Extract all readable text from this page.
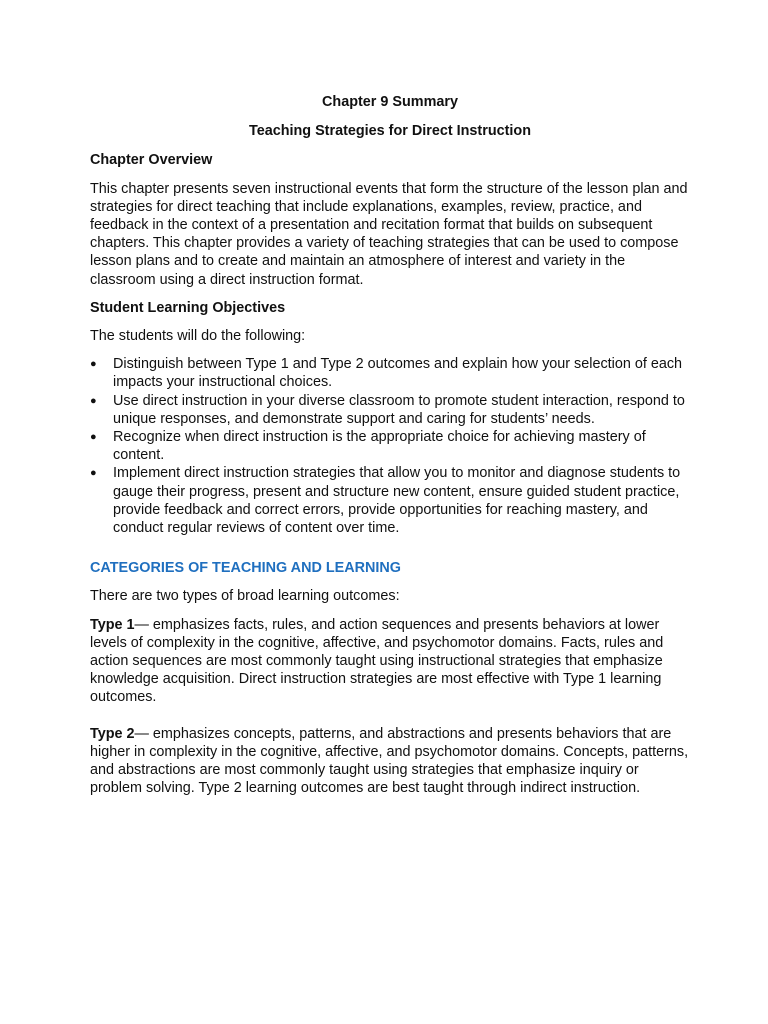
Chapter 9 Summary

Teaching Strategies for Direct Instruction

Chapter Overview

This chapter presents seven instructional events that form the structure of the lesson plan and strategies for direct teaching that include explanations, examples, review, practice, and feedback in the context of a presentation and recitation format that builds on subsequent chapters. This chapter provides a variety of teaching strategies that can be used to compose lesson plans and to create and maintain an atmosphere of interest and variety in the classroom using a direct instruction format.

Student Learning Objectives

The students will do the following:

● Distinguish between Type 1 and Type 2 outcomes and explain how your selection of each impacts your instructional choices.
● Use direct instruction in your diverse classroom to promote student interaction, respond to unique responses, and demonstrate support and caring for students’ needs.
● Recognize when direct instruction is the appropriate choice for achieving mastery of content.
● Implement direct instruction strategies that allow you to monitor and diagnose students to gauge their progress, present and structure new content, ensure guided student practice, provide feedback and correct errors, provide opportunities for reaching mastery, and conduct regular reviews of content over time.

CATEGORIES OF TEACHING AND LEARNING

There are two types of broad learning outcomes:

Type 1— emphasizes facts, rules, and action sequences and presents behaviors at lower levels of complexity in the cognitive, affective, and psychomotor domains. Facts, rules and action sequences are most commonly taught using instructional strategies that emphasize knowledge acquisition. Direct instruction strategies are most effective with Type 1 learning outcomes.

Type 2— emphasizes concepts, patterns, and abstractions and presents behaviors that are higher in complexity in the cognitive, affective, and psychomotor domains. Concepts, patterns, and abstractions are most commonly taught using strategies that emphasize inquiry or problem solving. Type 2 learning outcomes are best taught through indirect instruction.
